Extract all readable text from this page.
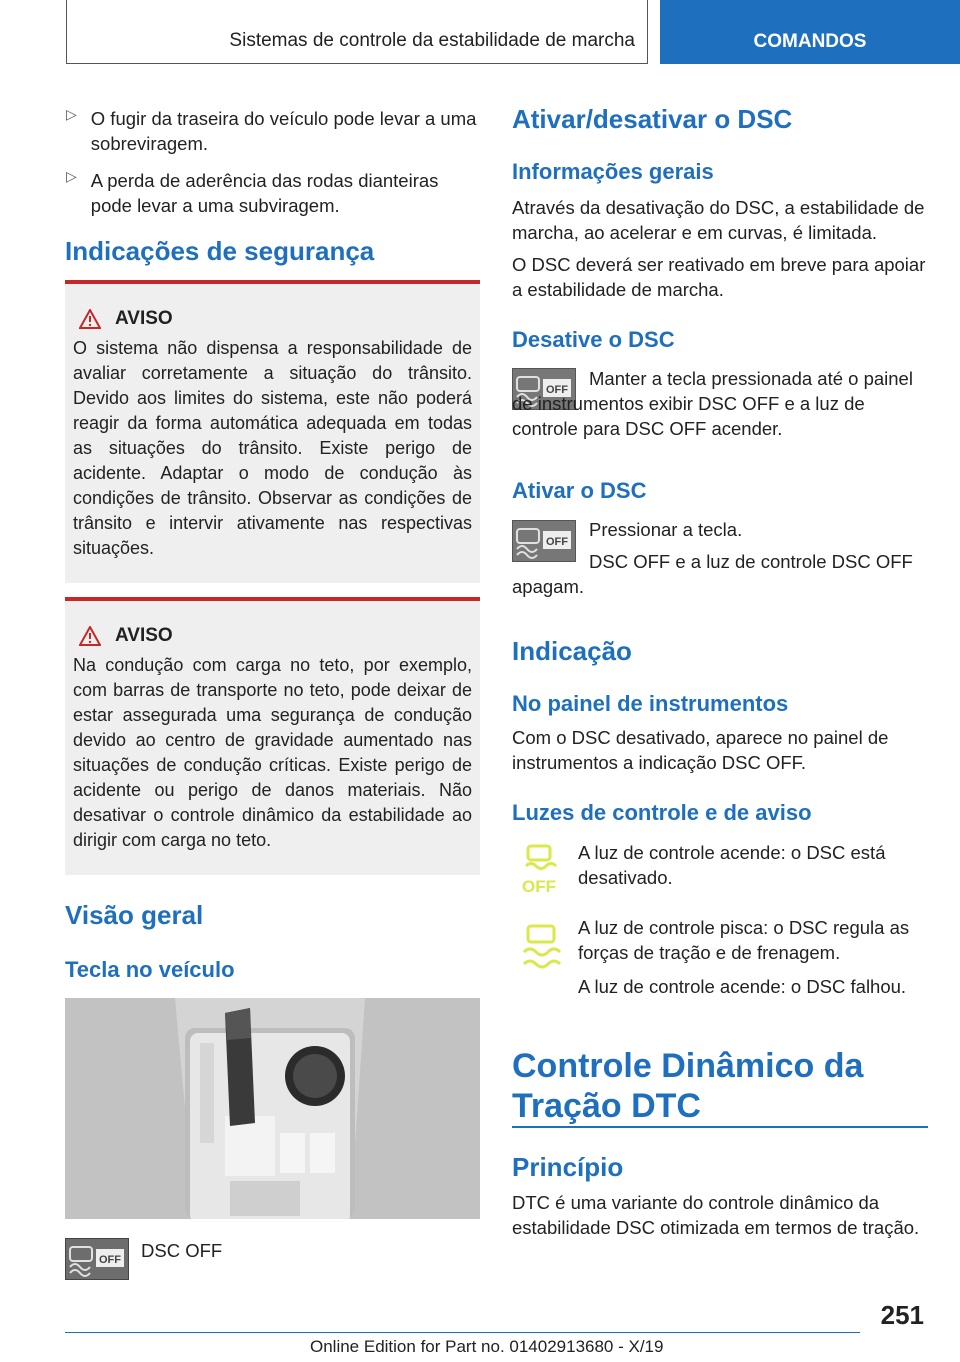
Sistemas de controle da estabilidade de marcha	COMANDOS
▷ O fugir da traseira do veículo pode levar a uma sobreviragem.

▷ A perda de aderência das rodas dianteiras pode levar a uma subviragem.

Indicações de segurança
AVISO

O sistema não dispensa a responsabilidade de avaliar corretamente a situação do trânsito. Devido aos limites do sistema, este não poderá reagir da forma automática adequada em todas as situações do trânsito. Existe perigo de acidente. Adaptar o modo de condução às condições de trânsito. Observar as condições de trânsito e intervir ativamente nas respectivas situações.

AVISO

Na condução com carga no teto, por exemplo, com barras de transporte no teto, pode deixar de estar assegurada uma segurança de condução devido ao centro de gravidade aumentado nas situações de condução críticas. Existe perigo de acidente ou perigo de danos materiais. Não desativar o controle dinâmico da estabilidade ao dirigir com carga no teto.

Visão geral
Tecla no veículo
OFF DSC OFF
Ativar/desativar o DSC
Informações gerais

Através da desativação do DSC, a estabilidade de marcha, ao acelerar e em curvas, é limitada.

O DSC deverá ser reativado em breve para apoiar a estabilidade de marcha.

Desative o DSC
OFF

Manter a tecla pressionada até o painel de instrumentos exibir DSC OFF e a luz de controle para DSC OFF acender.

Ativar o DSC
OFF

Pressionar a tecla.

DSC OFF e a luz de controle DSC OFF apagam.

Indicação
No painel de instrumentos

Com o DSC desativado, aparece no painel de instrumentos a indicação DSC OFF.

Luzes de controle e de aviso
OFF

A luz de controle acende: o DSC está desativado.

A luz de controle pisca: o DSC regula as forças de tração e de frenagem.

A luz de controle acende: o DSC falhou.

Controle Dinâmico da Tração DTC
Princípio

DTC é uma variante do controle dinâmico da estabilidade DSC otimizada em termos de tração.

251
Online Edition for Part no. 01402913680 - X/19
